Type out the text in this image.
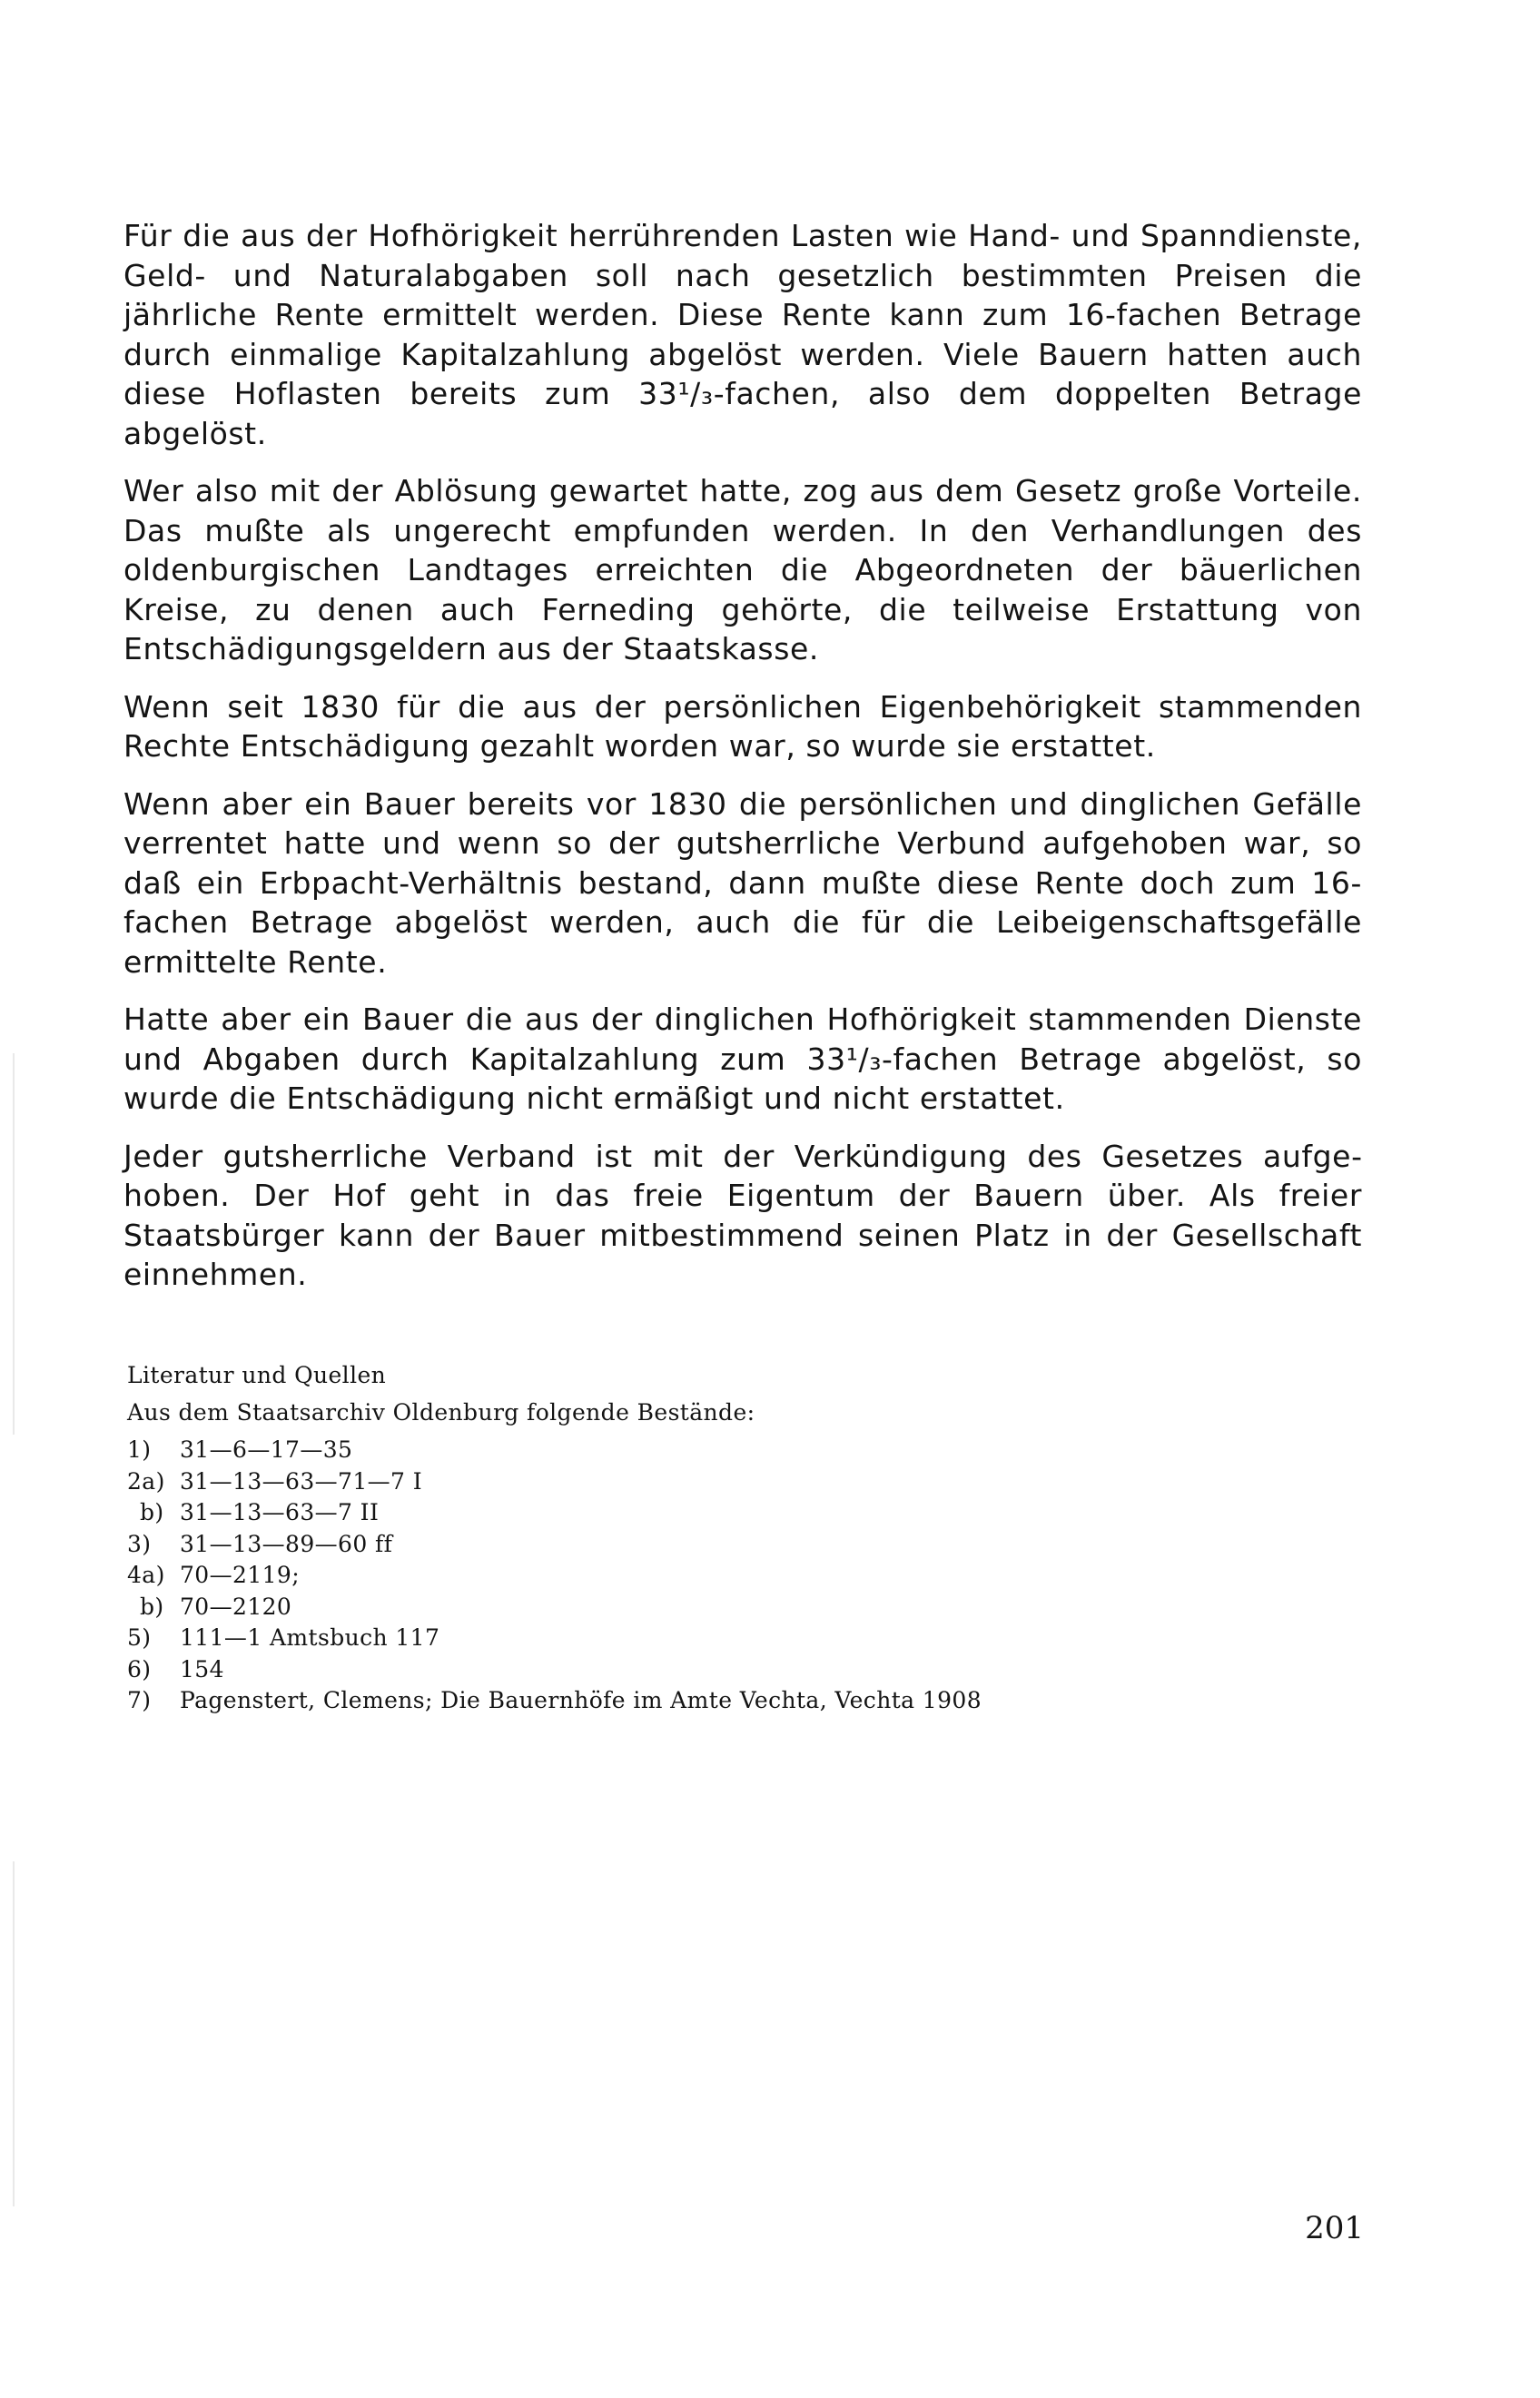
Für die aus der Hofhörigkeit herrührenden Lasten wie Hand- und Spanndienste, Geld- und Naturalabgaben soll nach gesetzlich bestimmten Preisen die jährliche Rente ermittelt werden. Diese Rente kann zum 16-fachen Betrage durch einmalige Kapitalzahlung abgelöst werden. Viele Bauern hatten auch diese Hoflasten bereits zum 33¹/₃-fachen, also dem doppelten Betrage abgelöst.

Wer also mit der Ablösung gewartet hatte, zog aus dem Gesetz große Vorteile. Das mußte als ungerecht empfunden werden. In den Verhandlungen des oldenburgischen Landtages erreichten die Abgeordneten der bäuerlichen Kreise, zu denen auch Ferneding gehörte, die teilweise Erstattung von Entschädigungsgeldern aus der Staatskasse.

Wenn seit 1830 für die aus der persönlichen Eigenbehörigkeit stammenden Rechte Entschädigung gezahlt worden war, so wurde sie erstattet.

Wenn aber ein Bauer bereits vor 1830 die persönlichen und dinglichen Gefälle verrentet hatte und wenn so der gutsherrliche Verbund aufgehoben war, so daß ein Erbpacht-Verhältnis bestand, dann mußte diese Rente doch zum 16-fachen Betrage abgelöst werden, auch die für die Leibeigenschaftsgefälle ermittelte Rente.

Hatte aber ein Bauer die aus der dinglichen Hofhörigkeit stammenden Dienste und Abgaben durch Kapitalzahlung zum 33¹/₃-fachen Betrage abgelöst, so wurde die Entschädigung nicht ermäßigt und nicht erstattet.

Jeder gutsherrliche Verband ist mit der Verkündigung des Gesetzes aufgehoben. Der Hof geht in das freie Eigentum der Bauern über. Als freier Staatsbürger kann der Bauer mitbestimmend seinen Platz in der Gesellschaft einnehmen.

Literatur und Quellen
Aus dem Staatsarchiv Oldenburg folgende Bestände:
1) 31—6—17—35
2a) 31—13—63—71—7 I
b) 31—13—63—7 II
3) 31—13—89—60 ff
4a) 70—2119;
b) 70—2120
5) 111—1 Amtsbuch 117
6) 154
7) Pagenstert, Clemens; Die Bauernhöfe im Amte Vechta, Vechta 1908
201
